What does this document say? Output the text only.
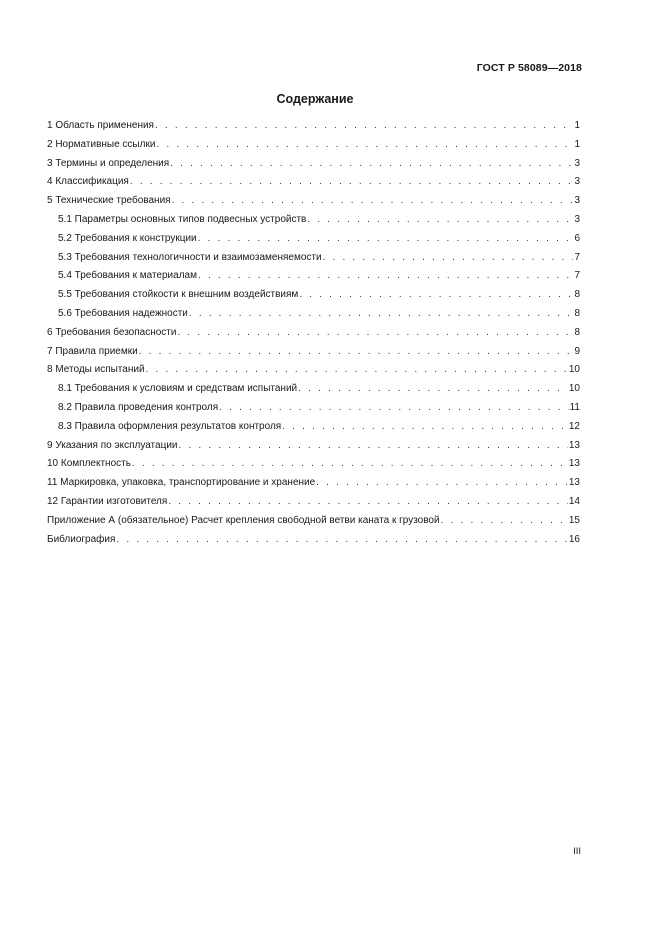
ГОСТ Р 58089—2018
Содержание
1 Область применения . . .	1
2 Нормативные ссылки . . .	1
3 Термины и определения . . .	3
4 Классификация . . .	3
5 Технические требования . . .	3
5.1 Параметры основных типов подвесных устройств . . .	3
5.2 Требования к конструкции . . .	6
5.3 Требования технологичности и взаимозаменяемости . . .	7
5.4 Требования к материалам . . .	7
5.5 Требования стойкости к внешним воздействиям . . .	8
5.6 Требования надежности . . .	8
6 Требования безопасности . . .	8
7 Правила приемки . . .	9
8 Методы испытаний . . .	10
8.1 Требования к условиям и средствам испытаний . . .	10
8.2 Правила проведения контроля . . .	11
8.3 Правила оформления результатов контроля . . .	12
9 Указания по эксплуатации . . .	13
10 Комплектность . . .	13
11 Маркировка, упаковка, транспортирование и хранение . . .	13
12 Гарантии изготовителя . . .	14
Приложение А (обязательное) Расчет крепления свободной ветви каната к грузовой . . .	15
Библиография . . .	16
III
